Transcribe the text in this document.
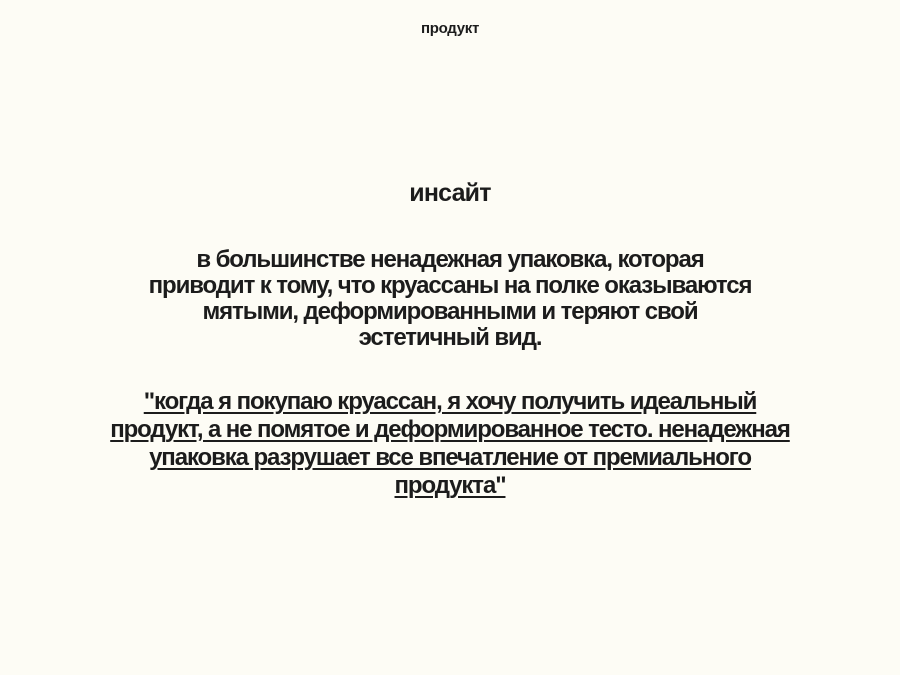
продукт
инсайт
в большинстве ненадежная упаковка, которая
приводит к тому, что круассаны на полке оказываются
мятыми, деформированными и теряют свой
эстетичный вид.
"когда я покупаю круассан, я хочу получить идеальный
продукт, а не помятое и деформированное тесто. ненадежная
упаковка разрушает все впечатление от премиального
продукта"
